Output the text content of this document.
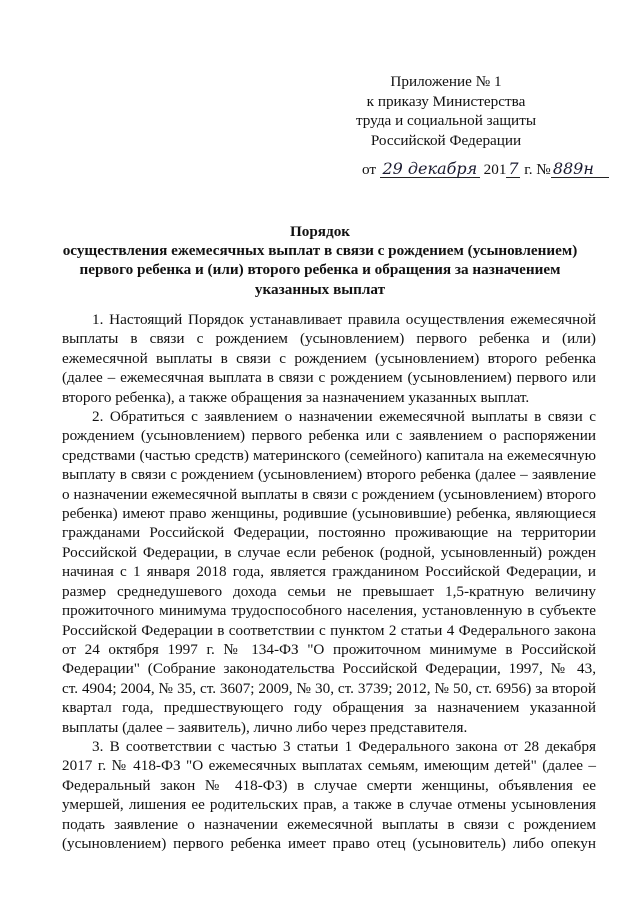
Приложение № 1
к приказу Министерства
труда и социальной защиты
Российской Федерации
от 29 декабря 201 7 г. № 889н
Порядок
осуществления ежемесячных выплат в связи с рождением (усыновлением)
первого ребенка и (или) второго ребенка и обращения за назначением
указанных выплат
1. Настоящий Порядок устанавливает правила осуществления ежемесячной
выплаты в связи с рождением (усыновлением) первого ребенка и (или)
ежемесячной выплаты в связи с рождением (усыновлением) второго ребенка
(далее – ежемесячная выплата в связи с рождением (усыновлением) первого или
второго ребенка), а также обращения за назначением указанных выплат.
2. Обратиться с заявлением о назначении ежемесячной выплаты в связи с
рождением (усыновлением) первого ребенка или с заявлением о распоряжении
средствами (частью средств) материнского (семейного) капитала на ежемесячную
выплату в связи с рождением (усыновлением) второго ребенка (далее – заявление
о назначении ежемесячной выплаты в связи с рождением (усыновлением) второго
ребенка) имеют право женщины, родившие (усыновившие) ребенка, являющиеся
гражданами Российской Федерации, постоянно проживающие на территории
Российской Федерации, в случае если ребенок (родной, усыновленный) рожден
начиная с 1 января 2018 года, является гражданином Российской Федерации, и
размер среднедушевого дохода семьи не превышает 1,5-кратную величину
прожиточного минимума трудоспособного населения, установленную в субъекте
Российской Федерации в соответствии с пунктом 2 статьи 4 Федерального закона
от 24 октября 1997 г. № 134-ФЗ "О прожиточном минимуме в Российской
Федерации" (Собрание законодательства Российской Федерации, 1997, № 43,
ст. 4904; 2004, № 35, ст. 3607; 2009, № 30, ст. 3739; 2012, № 50, ст. 6956) за второй
квартал года, предшествующего году обращения за назначением указанной
выплаты (далее – заявитель), лично либо через представителя.
3. В соответствии с частью 3 статьи 1 Федерального закона от 28 декабря
2017 г. № 418-ФЗ "О ежемесячных выплатах семьям, имеющим детей" (далее –
Федеральный закон № 418-ФЗ) в случае смерти женщины, объявления ее
умершей, лишения ее родительских прав, а также в случае отмены усыновления
подать заявление о назначении ежемесячной выплаты в связи с рождением
(усыновлением) первого ребенка имеет право отец (усыновитель) либо опекун
